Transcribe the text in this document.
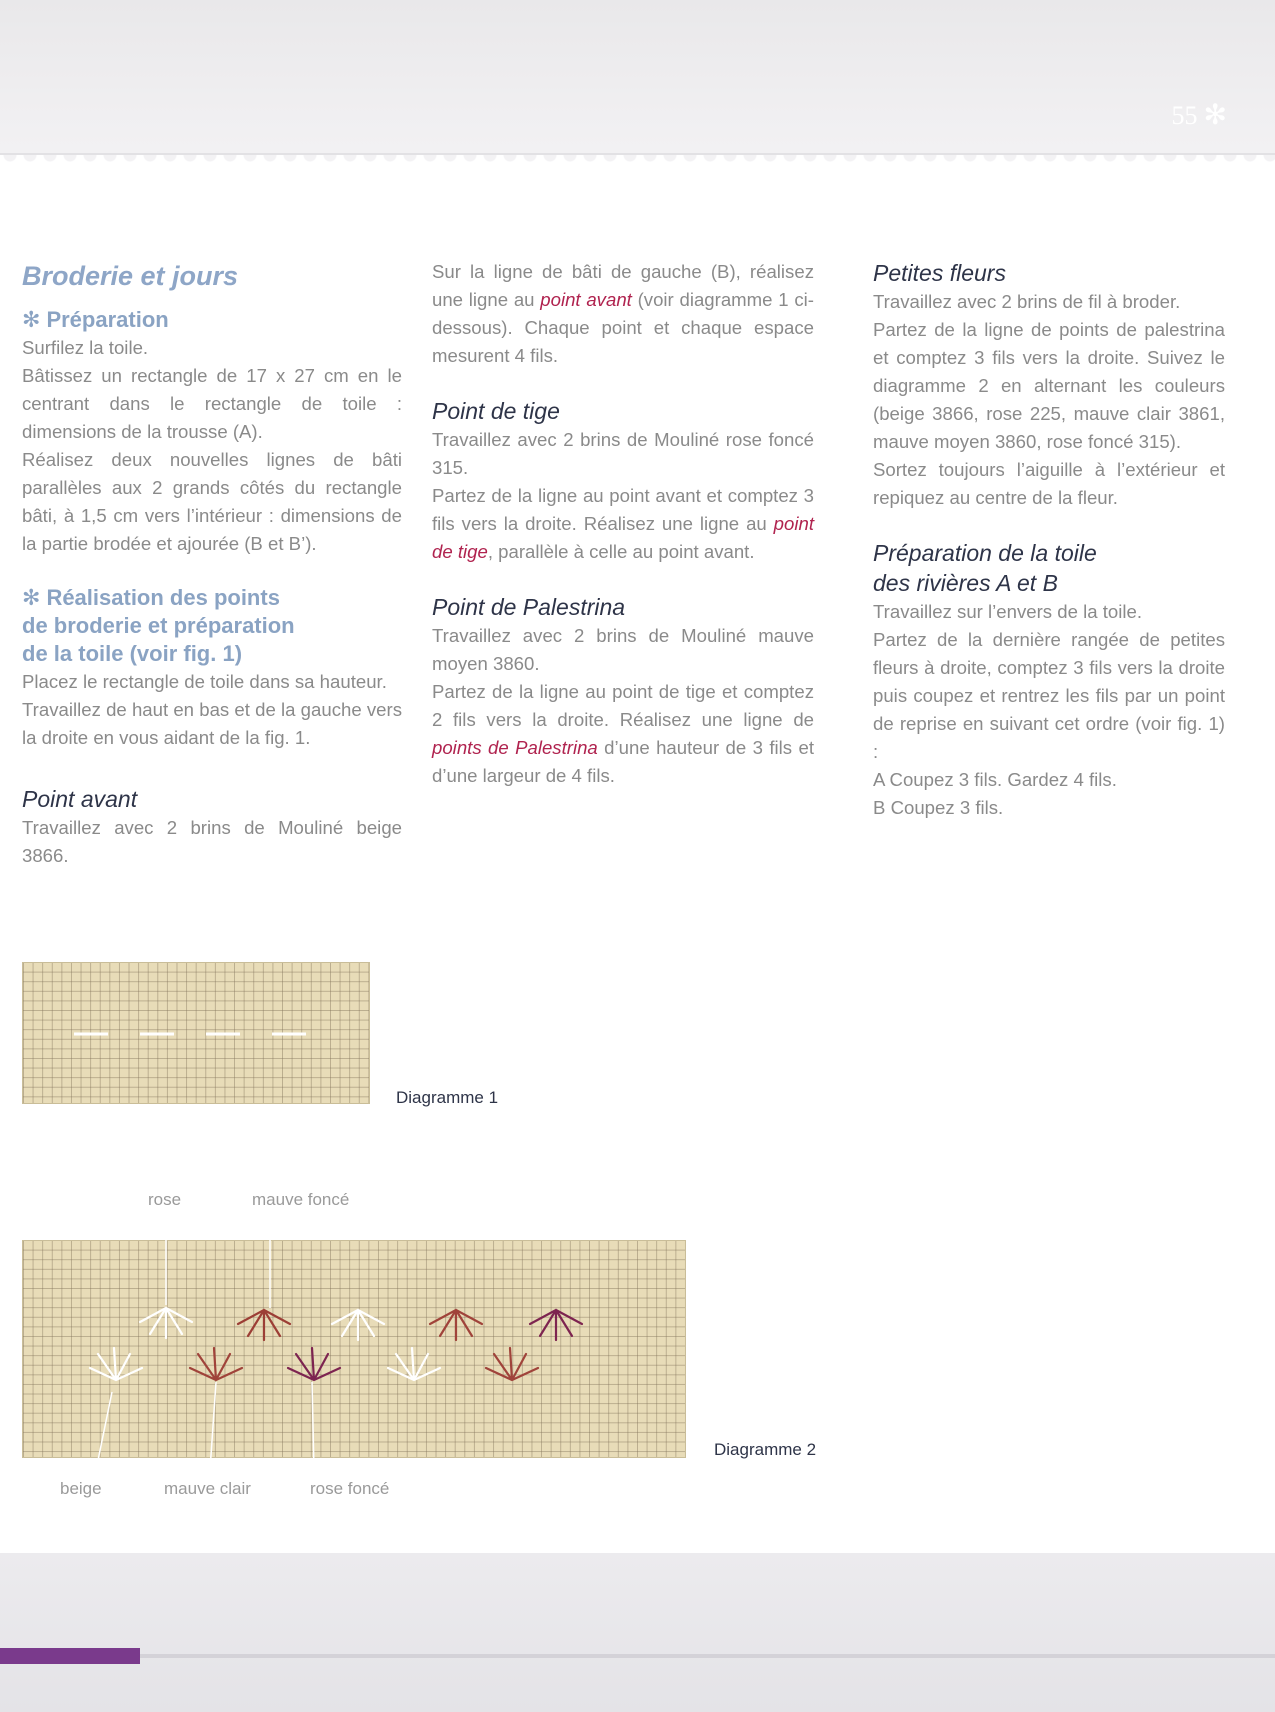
55 ✻
Broderie et jours
✻ Préparation

Surfilez la toile.

Bâtissez un rectangle de 17 x 27 cm en le centrant dans le rectangle de toile : dimensions de la trousse (A).

Réalisez deux nouvelles lignes de bâti parallèles aux 2 grands côtés du rectangle bâti, à 1,5 cm vers l’intérieur : dimensions de la partie brodée et ajourée (B et B’).

✻ Réalisation des points
de broderie et préparation
de la toile (voir fig. 1)

Placez le rectangle de toile dans sa hauteur.

Travaillez de haut en bas et de la gauche vers la droite en vous aidant de la fig. 1.

Point avant

Travaillez avec 2 brins de Mouliné beige 3866.

Sur la ligne de bâti de gauche (B), réalisez une ligne au point avant (voir diagramme 1 ci-dessous). Chaque point et chaque espace mesurent 4 fils.

Point de tige

Travaillez avec 2 brins de Mouliné rose foncé 315.

Partez de la ligne au point avant et comptez 3 fils vers la droite. Réalisez une ligne au point de tige, parallèle à celle au point avant.

Point de Palestrina

Travaillez avec 2 brins de Mouliné mauve moyen 3860.

Partez de la ligne au point de tige et comptez 2 fils vers la droite. Réalisez une ligne de points de Palestrina d’une hauteur de 3 fils et d’une largeur de 4 fils.

Petites fleurs

Travaillez avec 2 brins de fil à broder.

Partez de la ligne de points de palestrina et comptez 3 fils vers la droite. Suivez le diagramme 2 en alternant les couleurs (beige 3866, rose 225, mauve clair 3861, mauve moyen 3860, rose foncé 315).

Sortez toujours l’aiguille à l’extérieur et repiquez au centre de la fleur.

Préparation de la toile
des rivières A et B

Travaillez sur l’envers de la toile.

Partez de la dernière rangée de petites fleurs à droite, comptez 3 fils vers la droite puis coupez et rentrez les fils par un point de reprise en suivant cet ordre (voir fig. 1) :

A Coupez 3 fils. Gardez 4 fils.

B Coupez 3 fils.

Diagramme 1
rose	mauve foncé
beige	mauve clair	rose foncé
Diagramme 2
